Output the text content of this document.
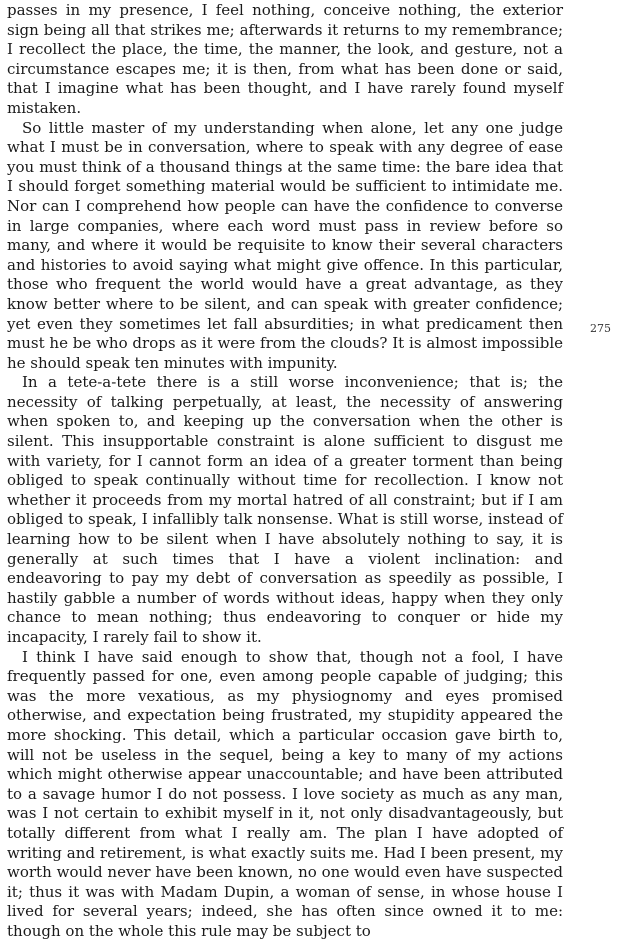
passes in my presence, I feel nothing, conceive nothing, the exterior sign being all that strikes me; afterwards it returns to my remembrance; I recollect the place, the time, the manner, the look, and gesture, not a circumstance escapes me; it is then, from what has been done or said, that I imagine what has been thought, and I have rarely found myself mistaken.

So little master of my understanding when alone, let any one judge what I must be in conversation, where to speak with any degree of ease you must think of a thousand things at the same time: the bare idea that I should forget something material would be sufficient to intimidate me. Nor can I comprehend how people can have the confidence to converse in large companies, where each word must pass in review before so many, and where it would be requisite to know their several characters and histories to avoid saying what might give offence. In this particular, those who frequent the world would have a great advantage, as they know better where to be silent, and can speak with greater confidence; yet even they sometimes let fall absurdities; in what predicament then must he be who drops as it were from the clouds? It is almost impossible he should speak ten minutes with impunity.

In a tete-a-tete there is a still worse inconvenience; that is; the necessity of talking perpetually, at least, the necessity of answering when spoken to, and keeping up the conversation when the other is silent. This insupportable constraint is alone sufficient to disgust me with variety, for I cannot form an idea of a greater torment than being obliged to speak continually without time for recollection. I know not whether it proceeds from my mortal hatred of all constraint; but if I am obliged to speak, I infallibly talk nonsense. What is still worse, instead of learning how to be silent when I have absolutely nothing to say, it is generally at such times that I have a violent inclination: and endeavoring to pay my debt of conversation as speedily as possible, I hastily gabble a number of words without ideas, happy when they only chance to mean nothing; thus endeavoring to conquer or hide my incapacity, I rarely fail to show it.

I think I have said enough to show that, though not a fool, I have frequently passed for one, even among people capable of judging; this was the more vexatious, as my physiognomy and eyes promised otherwise, and expectation being frustrated, my stupidity appeared the more shocking. This detail, which a particular occasion gave birth to, will not be useless in the sequel, being a key to many of my actions which might otherwise appear unaccountable; and have been attributed to a savage humor I do not possess. I love society as much as any man, was I not certain to exhibit myself in it, not only disadvantageously, but totally different from what I really am. The plan I have adopted of writing and retirement, is what exactly suits me. Had I been present, my worth would never have been known, no one would even have suspected it; thus it was with Madam Dupin, a woman of sense, in whose house I lived for several years; indeed, she has often since owned it to me: though on the whole this rule may be subject to

275
